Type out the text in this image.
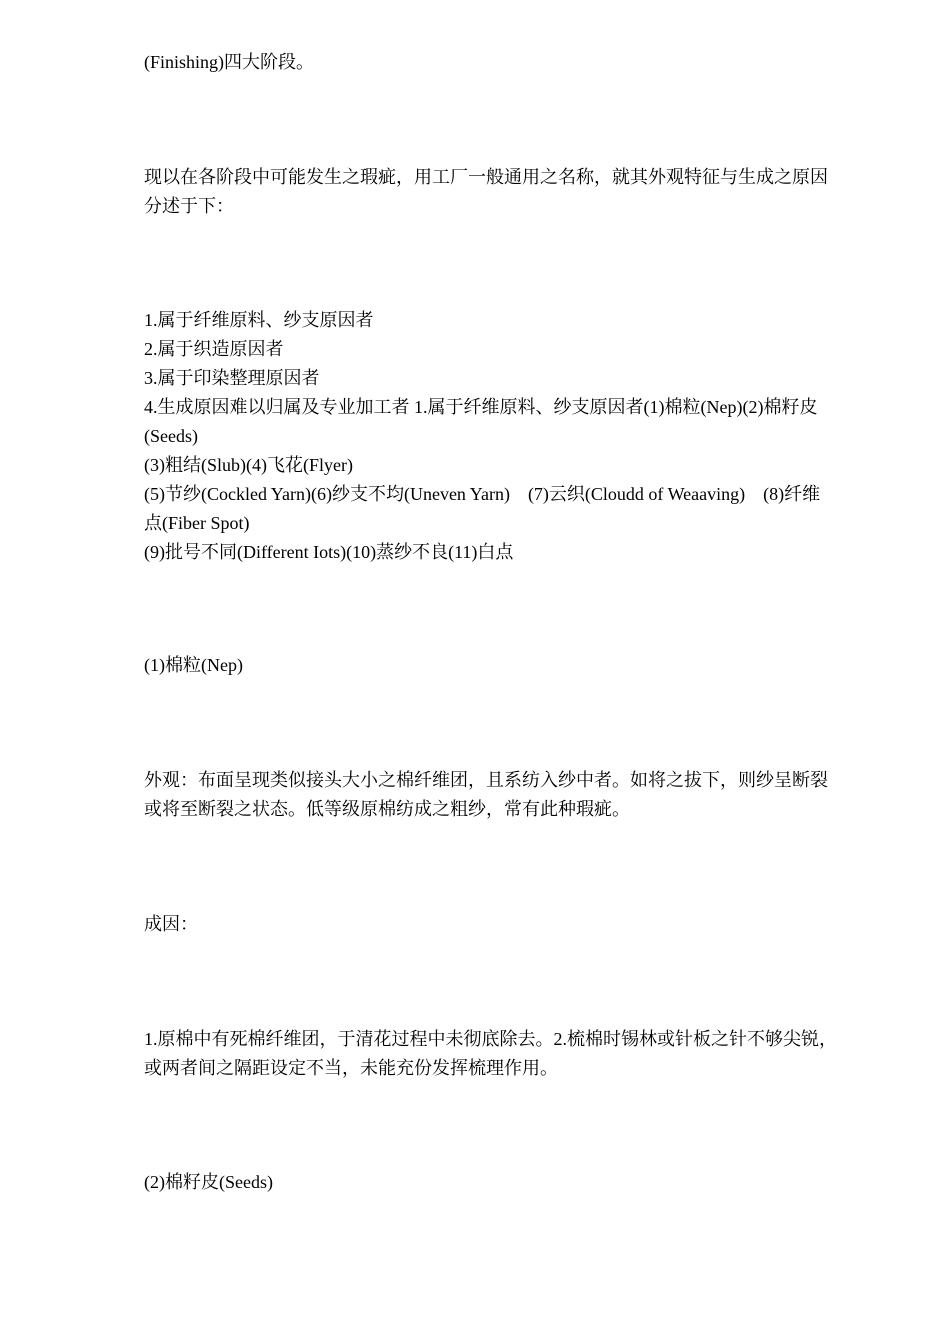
(Finishing)四大阶段。

现以在各阶段中可能发生之瑕疵，用工厂一般通用之名称，就其外观特征与生成之原因
分述于下：

1.属于纤维原料、纱支原因者
2.属于织造原因者
3.属于印染整理原因者
4.生成原因难以归属及专业加工者 1.属于纤维原料、纱支原因者(1)棉粒(Nep)(2)棉籽皮
(Seeds)
(3)粗结(Slub)(4)飞花(Flyer)
(5)节纱(Cockled Yarn)(6)纱支不均(Uneven Yarn)　(7)云织(Cloudd of Weaaving)　(8)纤维
点(Fiber Spot)
(9)批号不同(Different Iots)(10)蒸纱不良(11)白点

(1)棉粒(Nep)

外观：布面呈现类似接头大小之棉纤维团，且系纺入纱中者。如将之拔下，则纱呈断裂
或将至断裂之状态。低等级原棉纺成之粗纱，常有此种瑕疵。

成因：

1.原棉中有死棉纤维团，于清花过程中未彻底除去。2.梳棉时锡林或针板之针不够尖锐，
或两者间之隔距设定不当，未能充份发挥梳理作用。

(2)棉籽皮(Seeds)
